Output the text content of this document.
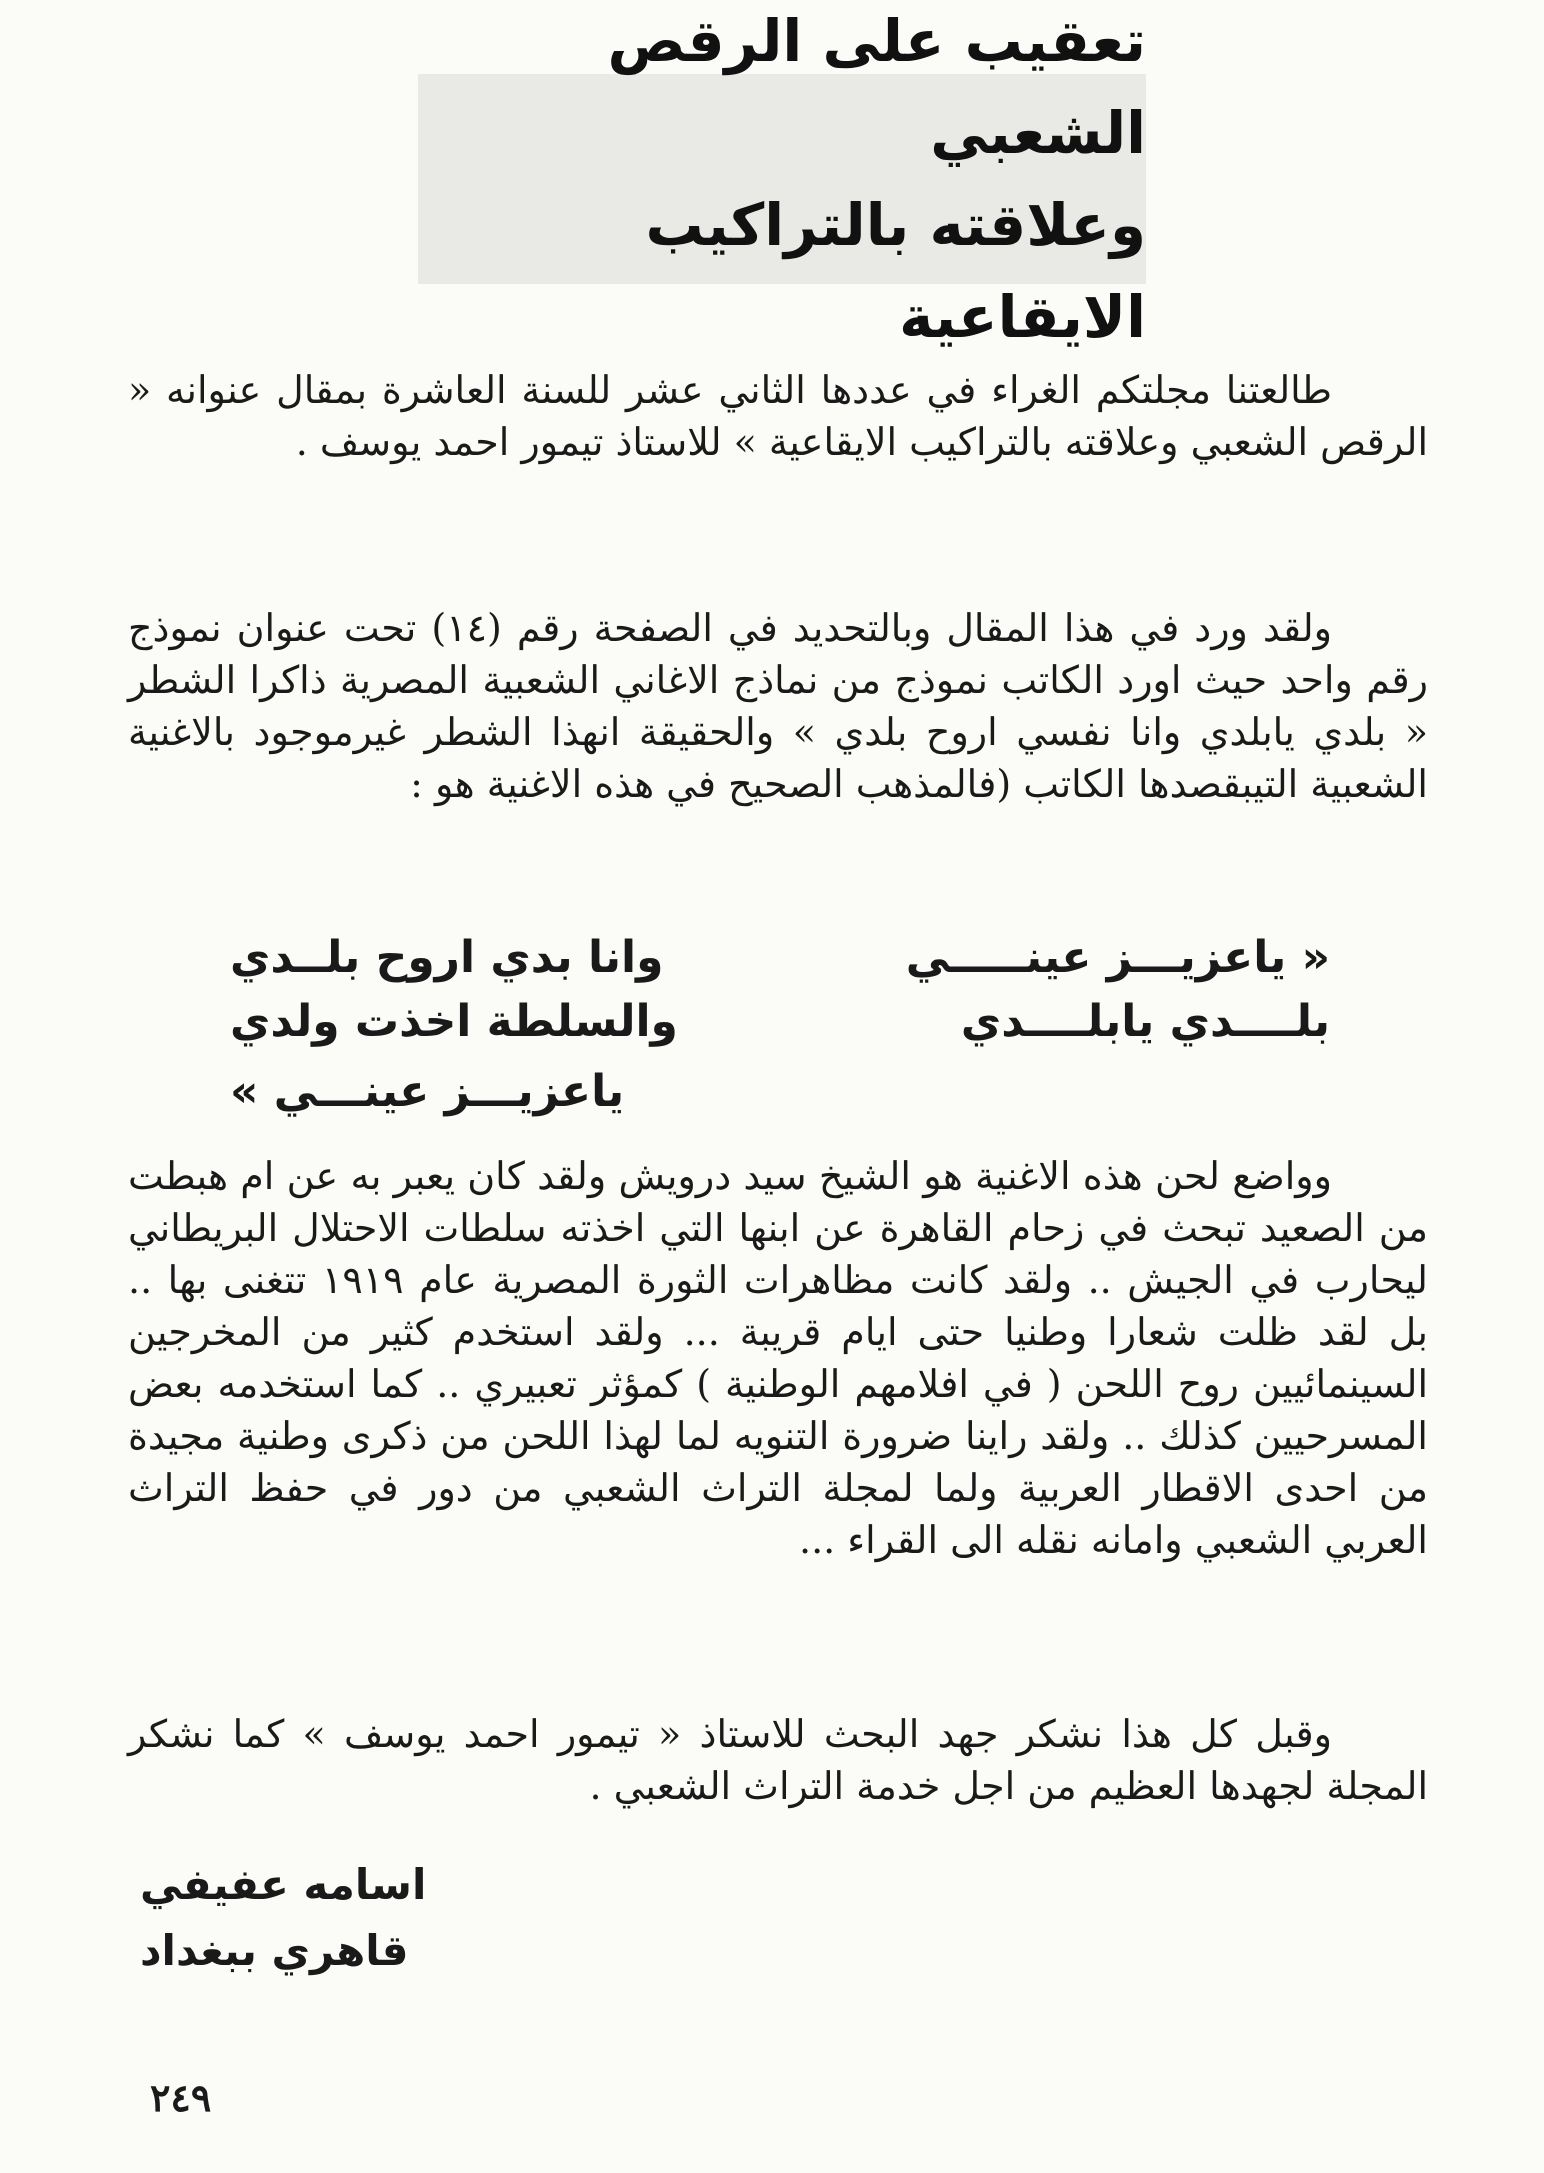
تعقيب على الرقص الشعبي
وعلاقته بالتراكيب الايقاعية

طالعتنا مجلتكم الغراء في عددها الثاني عشر للسنة العاشرة بمقال عنوانه « الرقص الشعبي وعلاقته بالتراكيب الايقاعية » للاستاذ تيمور احمد يوسف .

ولقد ورد في هذا المقال وبالتحديد في الصفحة رقم (١٤) تحت عنوان نموذج رقم واحد حيث اورد الكاتب نموذج من نماذج الاغاني الشعبية المصرية ذاكرا الشطر « بلدي يابلدي وانا نفسي اروح بلدي » والحقيقة انهذا الشطر غيرموجود بالاغنية الشعبية التيبقصدها الكاتب (فالمذهب الصحيح في هذه الاغنية هو :

« ياعزيـــز عينـــــي
بلــــدي يابلــــدي
وانا بدي اروح بلــدي
والسلطة اخذت ولدي
ياعزيـــز عينـــي »

وواضع لحن هذه الاغنية هو الشيخ سيد درويش ولقد كان يعبر به عن ام هبطت من الصعيد تبحث في زحام القاهرة عن ابنها التي اخذته سلطات الاحتلال البريطاني ليحارب في الجيش .. ولقد كانت مظاهرات الثورة المصرية عام ١٩١٩ تتغنى بها .. بل لقد ظلت شعارا وطنيا حتى ايام قريبة ... ولقد استخدم كثير من المخرجين السينمائيين روح اللحن ( في افلامهم الوطنية ) كمؤثر تعبيري .. كما استخدمه بعض المسرحيين كذلك .. ولقد راينا ضرورة التنويه لما لهذا اللحن من ذكرى وطنية مجيدة من احدى الاقطار العربية ولما لمجلة التراث الشعبي من دور في حفظ التراث العربي الشعبي وامانه نقله الى القراء ...

وقبل كل هذا نشكر جهد البحث للاستاذ « تيمور احمد يوسف » كما نشكر المجلة لجهدها العظيم من اجل خدمة التراث الشعبي .

اسامه عفيفي
قاهري ببغداد
٢٤٩
